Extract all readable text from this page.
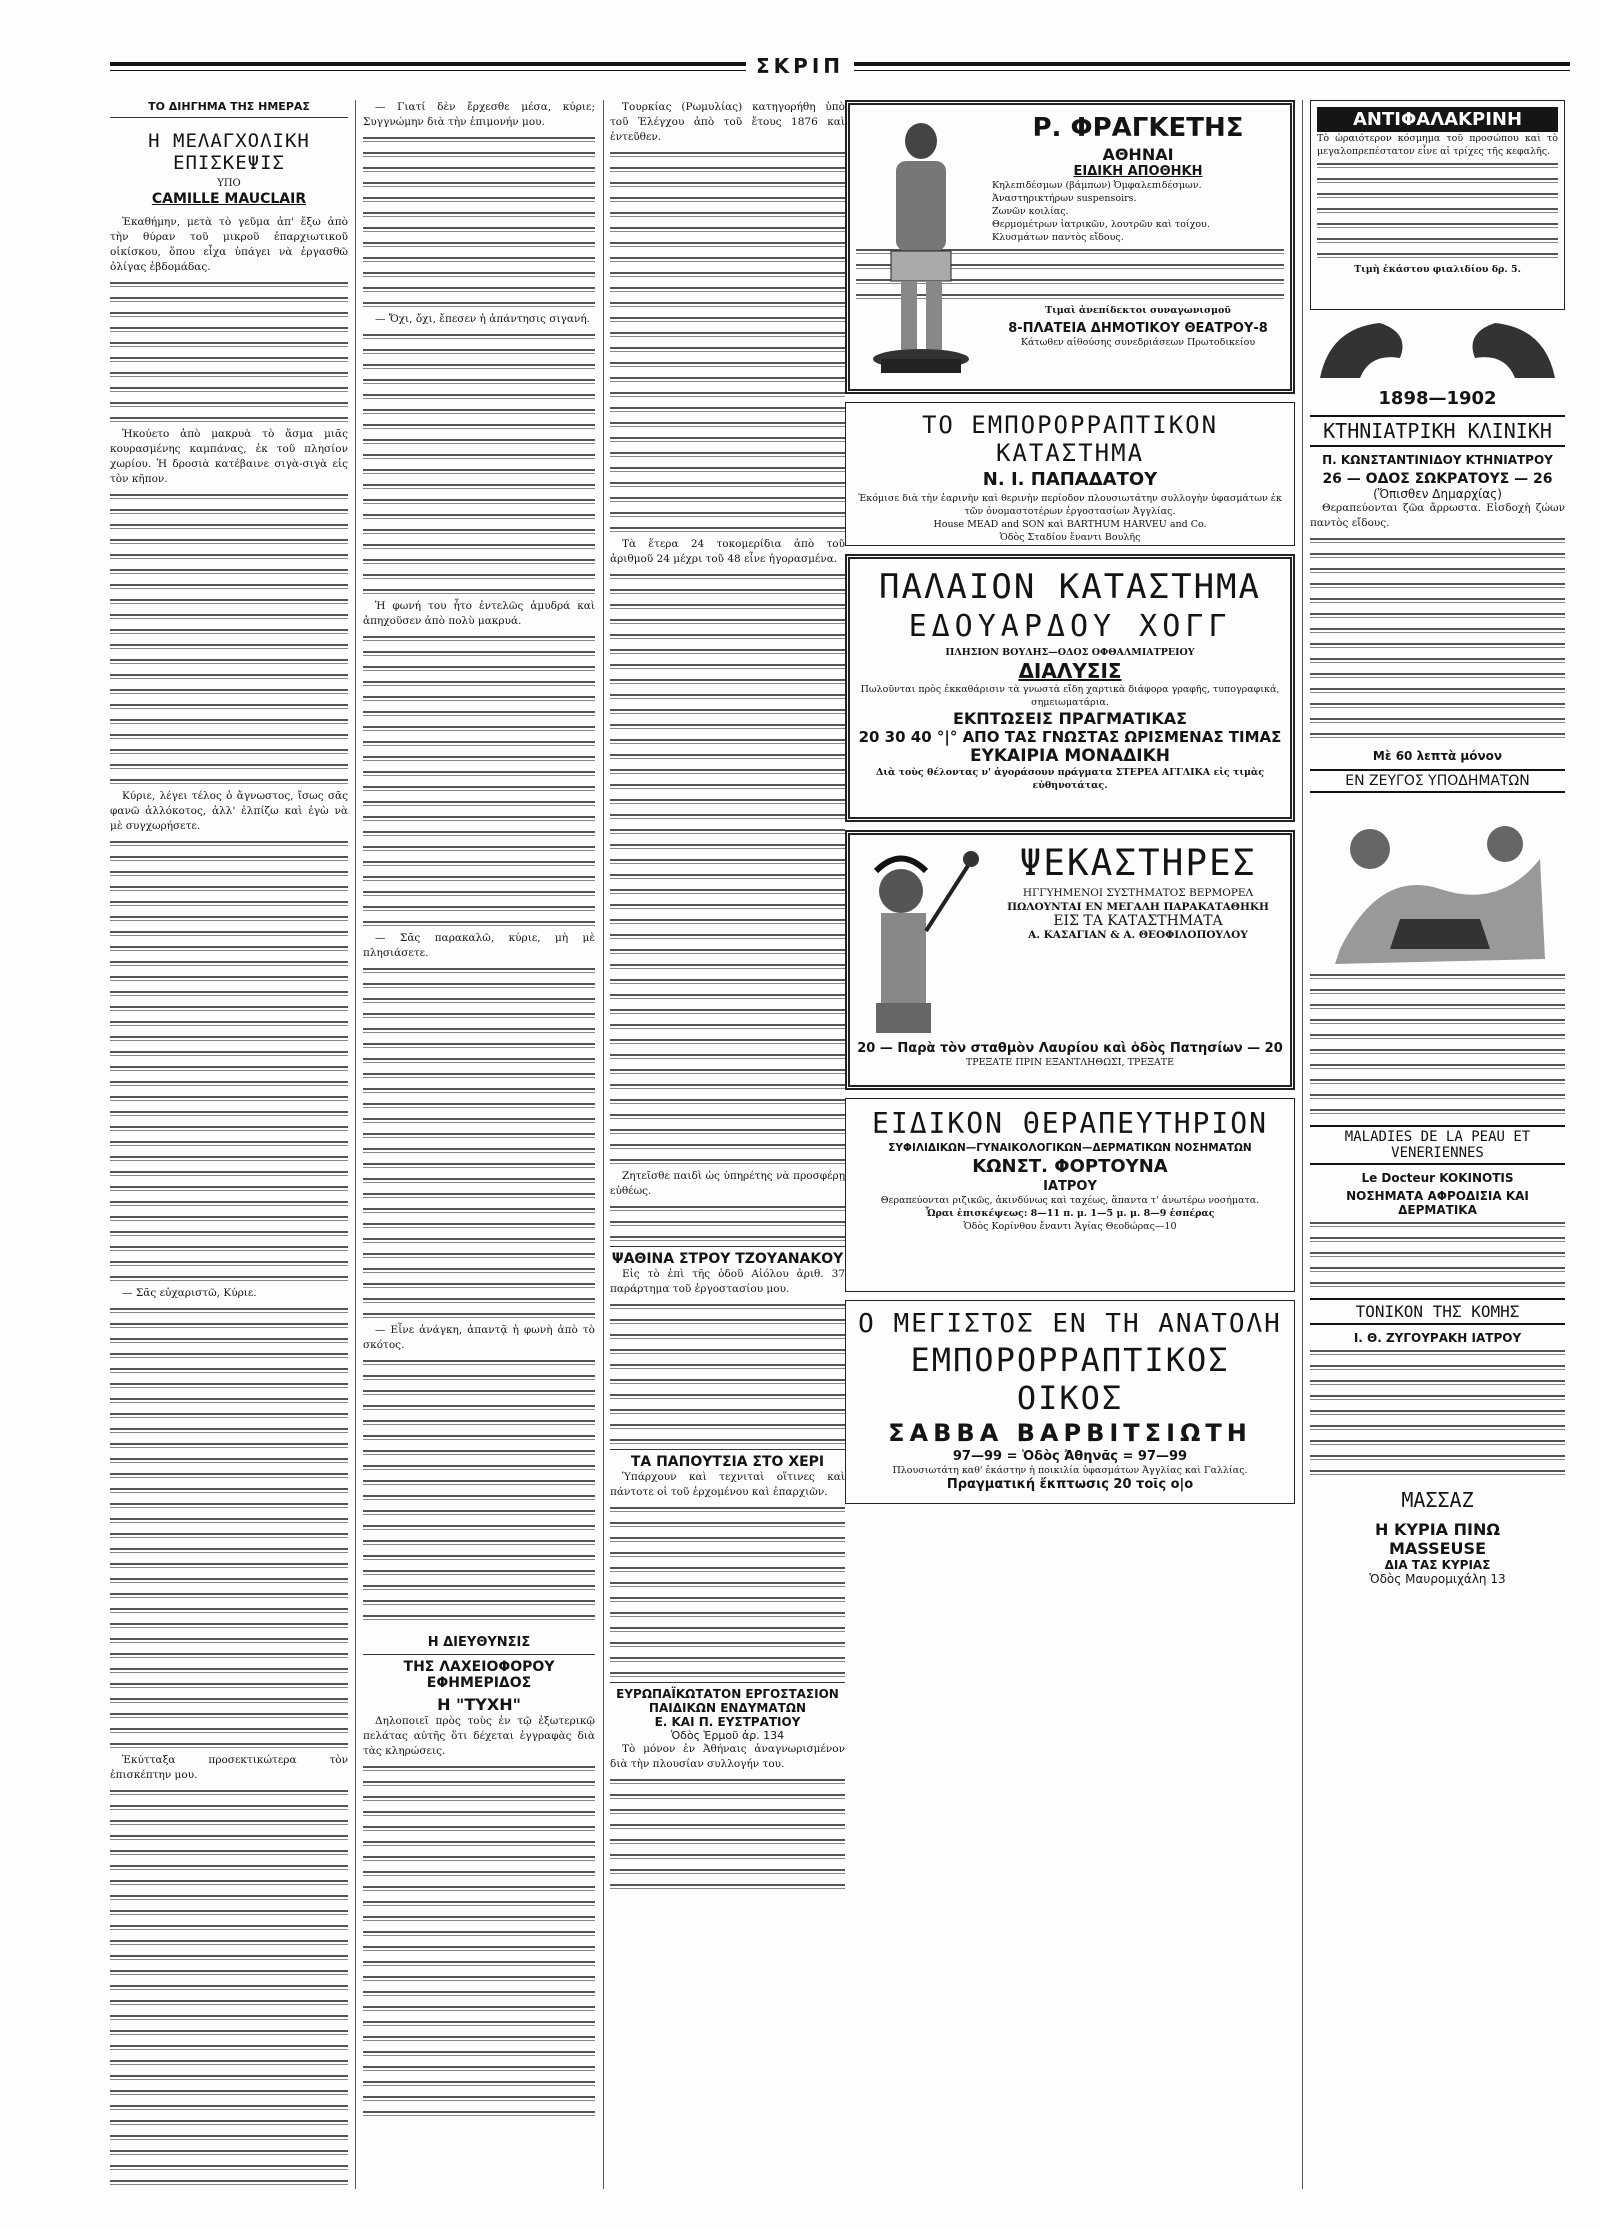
ΣΚΡΙΠ
ΤΟ ΔΙΗΓΗΜΑ ΤΗΣ ΗΜΕΡΑΣ
Η ΜΕΛΑΓΧΟΛΙΚΗ ΕΠΙΣΚΕΨΙΣ
ΥΠΟ
CAMILLE MAUCLAIR

Ἐκαθήμην, μετὰ τὸ γεῦμα ἀπ' ἔξω ἀπὸ τὴν θύραν τοῦ μικροῦ ἐπαρχιωτικοῦ οἰκίσκου, ὅπου εἶχα ὑπάγει νὰ ἐργασθῶ ὀλίγας ἑβδομάδας.

Ἠκούετο ἀπὸ μακρυὰ τὸ ἄσμα μιᾶς κουρασμένης καμπάνας, ἐκ τοῦ πλησίον χωρίου. Ἡ δροσιὰ κατέβαινε σιγὰ-σιγὰ εἰς τὸν κῆπον.

Κύριε, λέγει τέλος ὁ ἄγνωστος, ἴσως σᾶς φανῶ ἀλλόκοτος, ἀλλ' ἐλπίζω καὶ ἐγὼ νὰ μὲ συγχωρήσετε.

— Σᾶς εὐχαριστῶ, Κύριε.

Ἐκύτταξα προσεκτικώτερα τὸν ἐπισκέπτην μου.

— Γιατί δὲν ἔρχεσθε μέσα, κύριε; Συγγνώμην διὰ τὴν ἐπιμονήν μου.

— Ὄχι, ὄχι, ἔπεσεν ἡ ἀπάντησις σιγανή.

Ἡ φωνή του ἦτο ἐντελῶς ἀμυδρά καὶ ἀπηχοῦσεν ἀπὸ πολὺ μακρυά.

— Σᾶς παρακαλῶ, κύριε, μὴ μὲ πλησιάσετε.

— Εἶνε ἀνάγκη, ἀπαντᾷ ἡ φωνὴ ἀπὸ τὸ σκότος.

Η ΔΙΕΥΘΥΝΣΙΣ
ΤΗΣ ΛΑΧΕΙΟΦΟΡΟΥ ΕΦΗΜΕΡΙΔΟΣ
Η "ΤΥΧΗ"

Δηλοποιεῖ πρὸς τοὺς ἐν τῷ ἐξωτερικῷ πελάτας αὐτῆς ὅτι δέχεται ἐγγραφὰς διὰ τὰς κληρώσεις.

Τουρκίας (Ρωμυλίας) κατηγορήθη ὑπὸ τοῦ Ἐλέγχου ἀπὸ τοῦ ἔτους 1876 καὶ ἐντεῦθεν.

Τὰ ἕτερα 24 τοκομερίδια ἀπὸ τοῦ ἀριθμοῦ 24 μέχρι τοῦ 48 εἶνε ἠγορασμένα.

Ζητεῖσθε παιδὶ ὡς ὑπηρέτης νὰ προσφέρῃ εὐθέως.

ΨΑΘΙΝΑ ΣΤΡΟΥ ΤΖΟΥΑΝΑΚΟΥ

Εἰς τὸ ἐπὶ τῆς ὁδοῦ Αἰόλου ἀριθ. 37 παράρτημα τοῦ ἐργοστασίου μου.

ΤΑ ΠΑΠΟΥΤΣΙΑ ΣΤΟ ΧΕΡΙ

Ὑπάρχουν καὶ τεχνιταὶ οἵτινες καὶ πάντοτε οἱ τοῦ ἐρχομένου καὶ ἐπαρχιῶν.

ΕΥΡΩΠΑΪΚΩΤΑΤΟΝ ΕΡΓΟΣΤΑΣΙΟΝ ΠΑΙΔΙΚΩΝ ΕΝΔΥΜΑΤΩΝ
Ε. ΚΑΙ Π. ΕΥΣΤΡΑΤΙΟΥ
Ὁδὸς Ἑρμοῦ ἀρ. 134

Τὸ μόνον ἐν Ἀθήναις ἀναγνωρισμένον διὰ τὴν πλουσίαν συλλογήν του.

Ρ. ΦΡΑΓΚΕΤΗΣ
ΑΘΗΝΑΙ
ΕΙΔΙΚΗ ΑΠΟΘΗΚΗ
Κηλεπιδέσμων (βάμπων) Ὀμφαλεπιδέσμων.
Ἀναστηρικτήρων suspensoirs.
Ζωνῶν κοιλίας.
Θερμομέτρων ἰατρικῶν, λουτρῶν καὶ τοίχου.
Κλυσμάτων παντὸς εἴδους.
Τιμαὶ ἀνεπίδεκτοι συναγωνισμοῦ
8-ΠΛΑΤΕΙΑ ΔΗΜΟΤΙΚΟΥ ΘΕΑΤΡΟΥ-8
Κάτωθεν αἰθούσης συνεδριάσεων Πρωτοδικείου
ΤΟ ΕΜΠΟΡΟΡΡΑΠΤΙΚΟΝ ΚΑΤΑΣΤΗΜΑ
Ν. Ι. ΠΑΠΑΔΑΤΟΥ
Ἐκόμισε διὰ τὴν ἐαρινὴν καὶ θερινὴν περίοδον πλουσιωτάτην συλλογὴν ὑφασμάτων ἐκ τῶν ὀνομαστοτέρων ἐργοστασίων Ἀγγλίας.
House MEAD and SON καὶ BARTHUM HARVEU and Co.
Ὁδὸς Σταδίου ἔναντι Βουλῆς
ΠΑΛΑΙΟΝ ΚΑΤΑΣΤΗΜΑ
ΕΔΟΥΑΡΔΟΥ ΧΟΓΓ
ΠΛΗΣΙΟΝ ΒΟΥΛΗΣ—ΟΔΟΣ ΟΦΘΑΛΜΙΑΤΡΕΙΟΥ
ΔΙΑΛΥΣΙΣ
Πωλοῦνται πρὸς ἐκκαθάρισιν τὰ γνωστὰ εἴδη χαρτικὰ διάφορα γραφῆς, τυπογραφικά, σημειωματάρια.
ΕΚΠΤΩΣΕΙΣ ΠΡΑΓΜΑΤΙΚΑΣ
20 30 40 °|° ΑΠΟ ΤΑΣ ΓΝΩΣΤΑΣ ΩΡΙΣΜΕΝΑΣ ΤΙΜΑΣ
ΕΥΚΑΙΡΙΑ ΜΟΝΑΔΙΚΗ
Διὰ τοὺς θέλοντας ν' ἀγοράσουν πράγματα ΣΤΕΡΕΑ ΑΓΓΛΙΚΑ εἰς τιμὰς εὐθηνοτάτας.
ΨΕΚΑΣΤΗΡΕΣ
ΗΓΓΥΗΜΕΝΟΙ ΣΥΣΤΗΜΑΤΟΣ ΒΕΡΜΟΡΕΛ
ΠΩΛΟΥΝΤΑΙ ΕΝ ΜΕΓΑΛΗ ΠΑΡΑΚΑΤΑΘΗΚΗ
ΕΙΣ ΤΑ ΚΑΤΑΣΤΗΜΑΤΑ
Α. ΚΑΣΑΓΙΑΝ & Α. ΘΕΟΦΙΛΟΠΟΥΛΟΥ
20 — Παρὰ τὸν σταθμὸν Λαυρίου καὶ ὁδὸς Πατησίων — 20
ΤΡΕΞΑΤΕ ΠΡΙΝ ΕΞΑΝΤΛΗΘΩΣΙ, ΤΡΕΞΑΤΕ
ΕΙΔΙΚΟΝ ΘΕΡΑΠΕΥΤΗΡΙΟΝ
ΣΥΦΙΛΙΔΙΚΩΝ—ΓΥΝΑΙΚΟΛΟΓΙΚΩΝ—ΔΕΡΜΑΤΙΚΩΝ ΝΟΣΗΜΑΤΩΝ
ΚΩΝΣΤ. ΦΟΡΤΟΥΝΑ
ΙΑΤΡΟΥ
Θεραπεύονται ριζικῶς, ἀκινδύνως καὶ ταχέως, ἅπαντα τ' ἀνωτέρω νοσήματα.
Ὧραι ἐπισκέψεως: 8—11 π. μ. 1—5 μ. μ. 8—9 ἑσπέρας
Ὁδὸς Κορίνθου ἔναντι Ἁγίας Θεοδώρας—10
Ο ΜΕΓΙΣΤΟΣ ΕΝ ΤΗ ΑΝΑΤΟΛΗ
ΕΜΠΟΡΟΡΡΑΠΤΙΚΟΣ ΟΙΚΟΣ
ΣΑΒΒΑ ΒΑΡΒΙΤΣΙΩΤΗ
97—99 = Ὁδὸς Ἀθηνᾶς = 97—99
Πλουσιωτάτη καθ' ἑκάστην ἡ ποικιλία ὑφασμάτων Ἀγγλίας καὶ Γαλλίας.
Πραγματική ἔκπτωσις 20 τοῖς ο|ο
ΑΝΤΙΦΑΛΑΚΡΙΝΗ
Τὸ ὡραιότερον κόσμημα τοῦ προσώπου καὶ τὸ μεγαλοπρεπέστατον εἶνε αἱ τρίχες τῆς κεφαλῆς.
Τιμὴ ἑκάστου φιαλιδίου δρ. 5.
1898—1902
ΚΤΗΝΙΑΤΡΙΚΗ ΚΛΙΝΙΚΗ
Π. ΚΩΝΣΤΑΝΤΙΝΙΔΟΥ ΚΤΗΝΙΑΤΡΟΥ
26 — ΟΔΟΣ ΣΩΚΡΑΤΟΥΣ — 26
(Ὄπισθεν Δημαρχίας)

Θεραπεύονται ζῶα ἄρρωστα. Εἰσδοχὴ ζώων παντὸς εἴδους.

Μὲ 60 λεπτὰ μόνον
ΕΝ ΖΕΥΓΟΣ ΥΠΟΔΗΜΑΤΩΝ
MALADIES DE LA PEAU ET VENERIENNES
Le Docteur KOKINOTIS
ΝΟΣΗΜΑΤΑ ΑΦΡΟΔΙΣΙΑ ΚΑΙ ΔΕΡΜΑΤΙΚΑ
ΤΟΝΙΚΟΝ ΤΗΣ ΚΟΜΗΣ
Ι. Θ. ΖΥΓΟΥΡΑΚΗ ΙΑΤΡΟΥ
ΜΑΣΣΑΖ
Η ΚΥΡΙΑ ΠΙΝΩ
MASSEUSE
ΔΙΑ ΤΑΣ ΚΥΡΙΑΣ
Ὁδὸς Μαυρομιχάλη 13
